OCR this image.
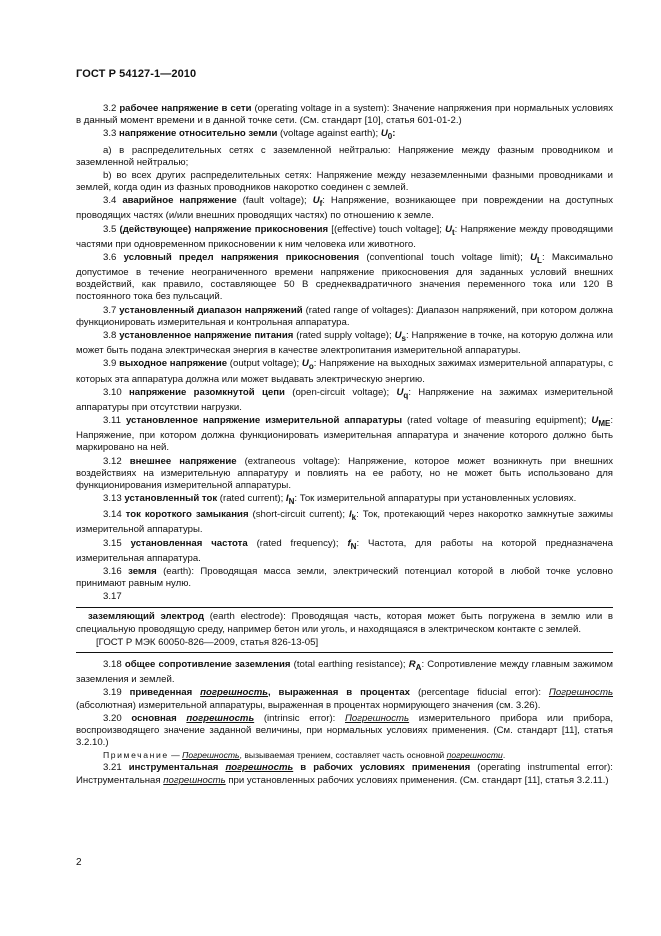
ГОСТ Р 54127-1—2010

3.2 рабочее напряжение в сети (operating voltage in a system): Значение напряжения при нормальных условиях в данный момент времени и в данной точке сети. (См. стандарт [10], статья 601-01-2.)

3.3 напряжение относительно земли (voltage against earth); $U_0$:

a) в распределительных сетях с заземленной нейтралью: Напряжение между фазным проводником и заземленной нейтралью;

b) во всех других распределительных сетях: Напряжение между незаземленными фазными проводниками и землей, когда один из фазных проводников накоротко соединен с землей.

3.4 аварийное напряжение (fault voltage); $U_f$: Напряжение, возникающее при повреждении на доступных проводящих частях (и/или внешних проводящих частях) по отношению к земле.

3.5 (действующее) напряжение прикосновения [(effective) touch voltage]; $U_t$: Напряжение между проводящими частями при одновременном прикосновении к ним человека или животного.

3.6 условный предел напряжения прикосновения (conventional touch voltage limit); $U_L$: Максимально допустимое в течение неограниченного времени напряжение прикосновения для заданных условий внешних воздействий, как правило, составляющее 50 В среднеквадратичного значения переменного тока или 120 В постоянного тока без пульсаций.

3.7 установленный диапазон напряжений (rated range of voltages): Диапазон напряжений, при котором должна функционировать измерительная и контрольная аппаратура.

3.8 установленное напряжение питания (rated supply voltage); $U_s$: Напряжение в точке, на которую должна или может быть подана электрическая энергия в качестве электропитания измерительной аппаратуры.

3.9 выходное напряжение (output voltage); $U_o$: Напряжение на выходных зажимах измерительной аппаратуры, с которых эта аппаратура должна или может выдавать электрическую энергию.

3.10 напряжение разомкнутой цепи (open-circuit voltage); $U_q$: Напряжение на зажимах измерительной аппаратуры при отсутствии нагрузки.

3.11 установленное напряжение измерительной аппаратуры (rated voltage of measuring equipment); $U_{ME}$: Напряжение, при котором должна функционировать измерительная аппаратура и значение которого должно быть маркировано на ней.

3.12 внешнее напряжение (extraneous voltage): Напряжение, которое может возникнуть при внешних воздействиях на измерительную аппаратуру и повлиять на ее работу, но не может быть использовано для функционирования измерительной аппаратуры.

3.13 установленный ток (rated current); $I_N$: Ток измерительной аппаратуры при установленных условиях.

3.14 ток короткого замыкания (short-circuit current); $I_k$: Ток, протекающий через накоротко замкнутые зажимы измерительной аппаратуры.

3.15 установленная частота (rated frequency); $f_N$: Частота, для работы на которой предназначена измерительная аппаратура.

3.16 земля (earth): Проводящая масса земли, электрический потенциал которой в любой точке условно принимают равным нулю.

3.17

заземляющий электрод (earth electrode): Проводящая часть, которая может быть погружена в землю или в специальную проводящую среду, например бетон или уголь, и находящаяся в электрическом контакте с землей.

[ГОСТ Р МЭК 60050-826—2009, статья 826-13-05]

3.18 общее сопротивление заземления (total earthing resistance); $R_A$: Сопротивление между главным зажимом заземления и землей.

3.19 приведенная погрешность, выраженная в процентах (percentage fiducial error): Погрешность (абсолютная) измерительной аппаратуры, выраженная в процентах нормирующего значения (см. 3.26).

3.20 основная погрешность (intrinsic error): Погрешность измерительного прибора или прибора, воспроизводящего значение заданной величины, при нормальных условиях применения. (См. стандарт [11], статья 3.2.10.)

Примечание — Погрешность, вызываемая трением, составляет часть основной погрешности.

3.21 инструментальная погрешность в рабочих условиях применения (operating instrumental error): Инструментальная погрешность при установленных рабочих условиях применения. (См. стандарт [11], статья 3.2.11.)

2
